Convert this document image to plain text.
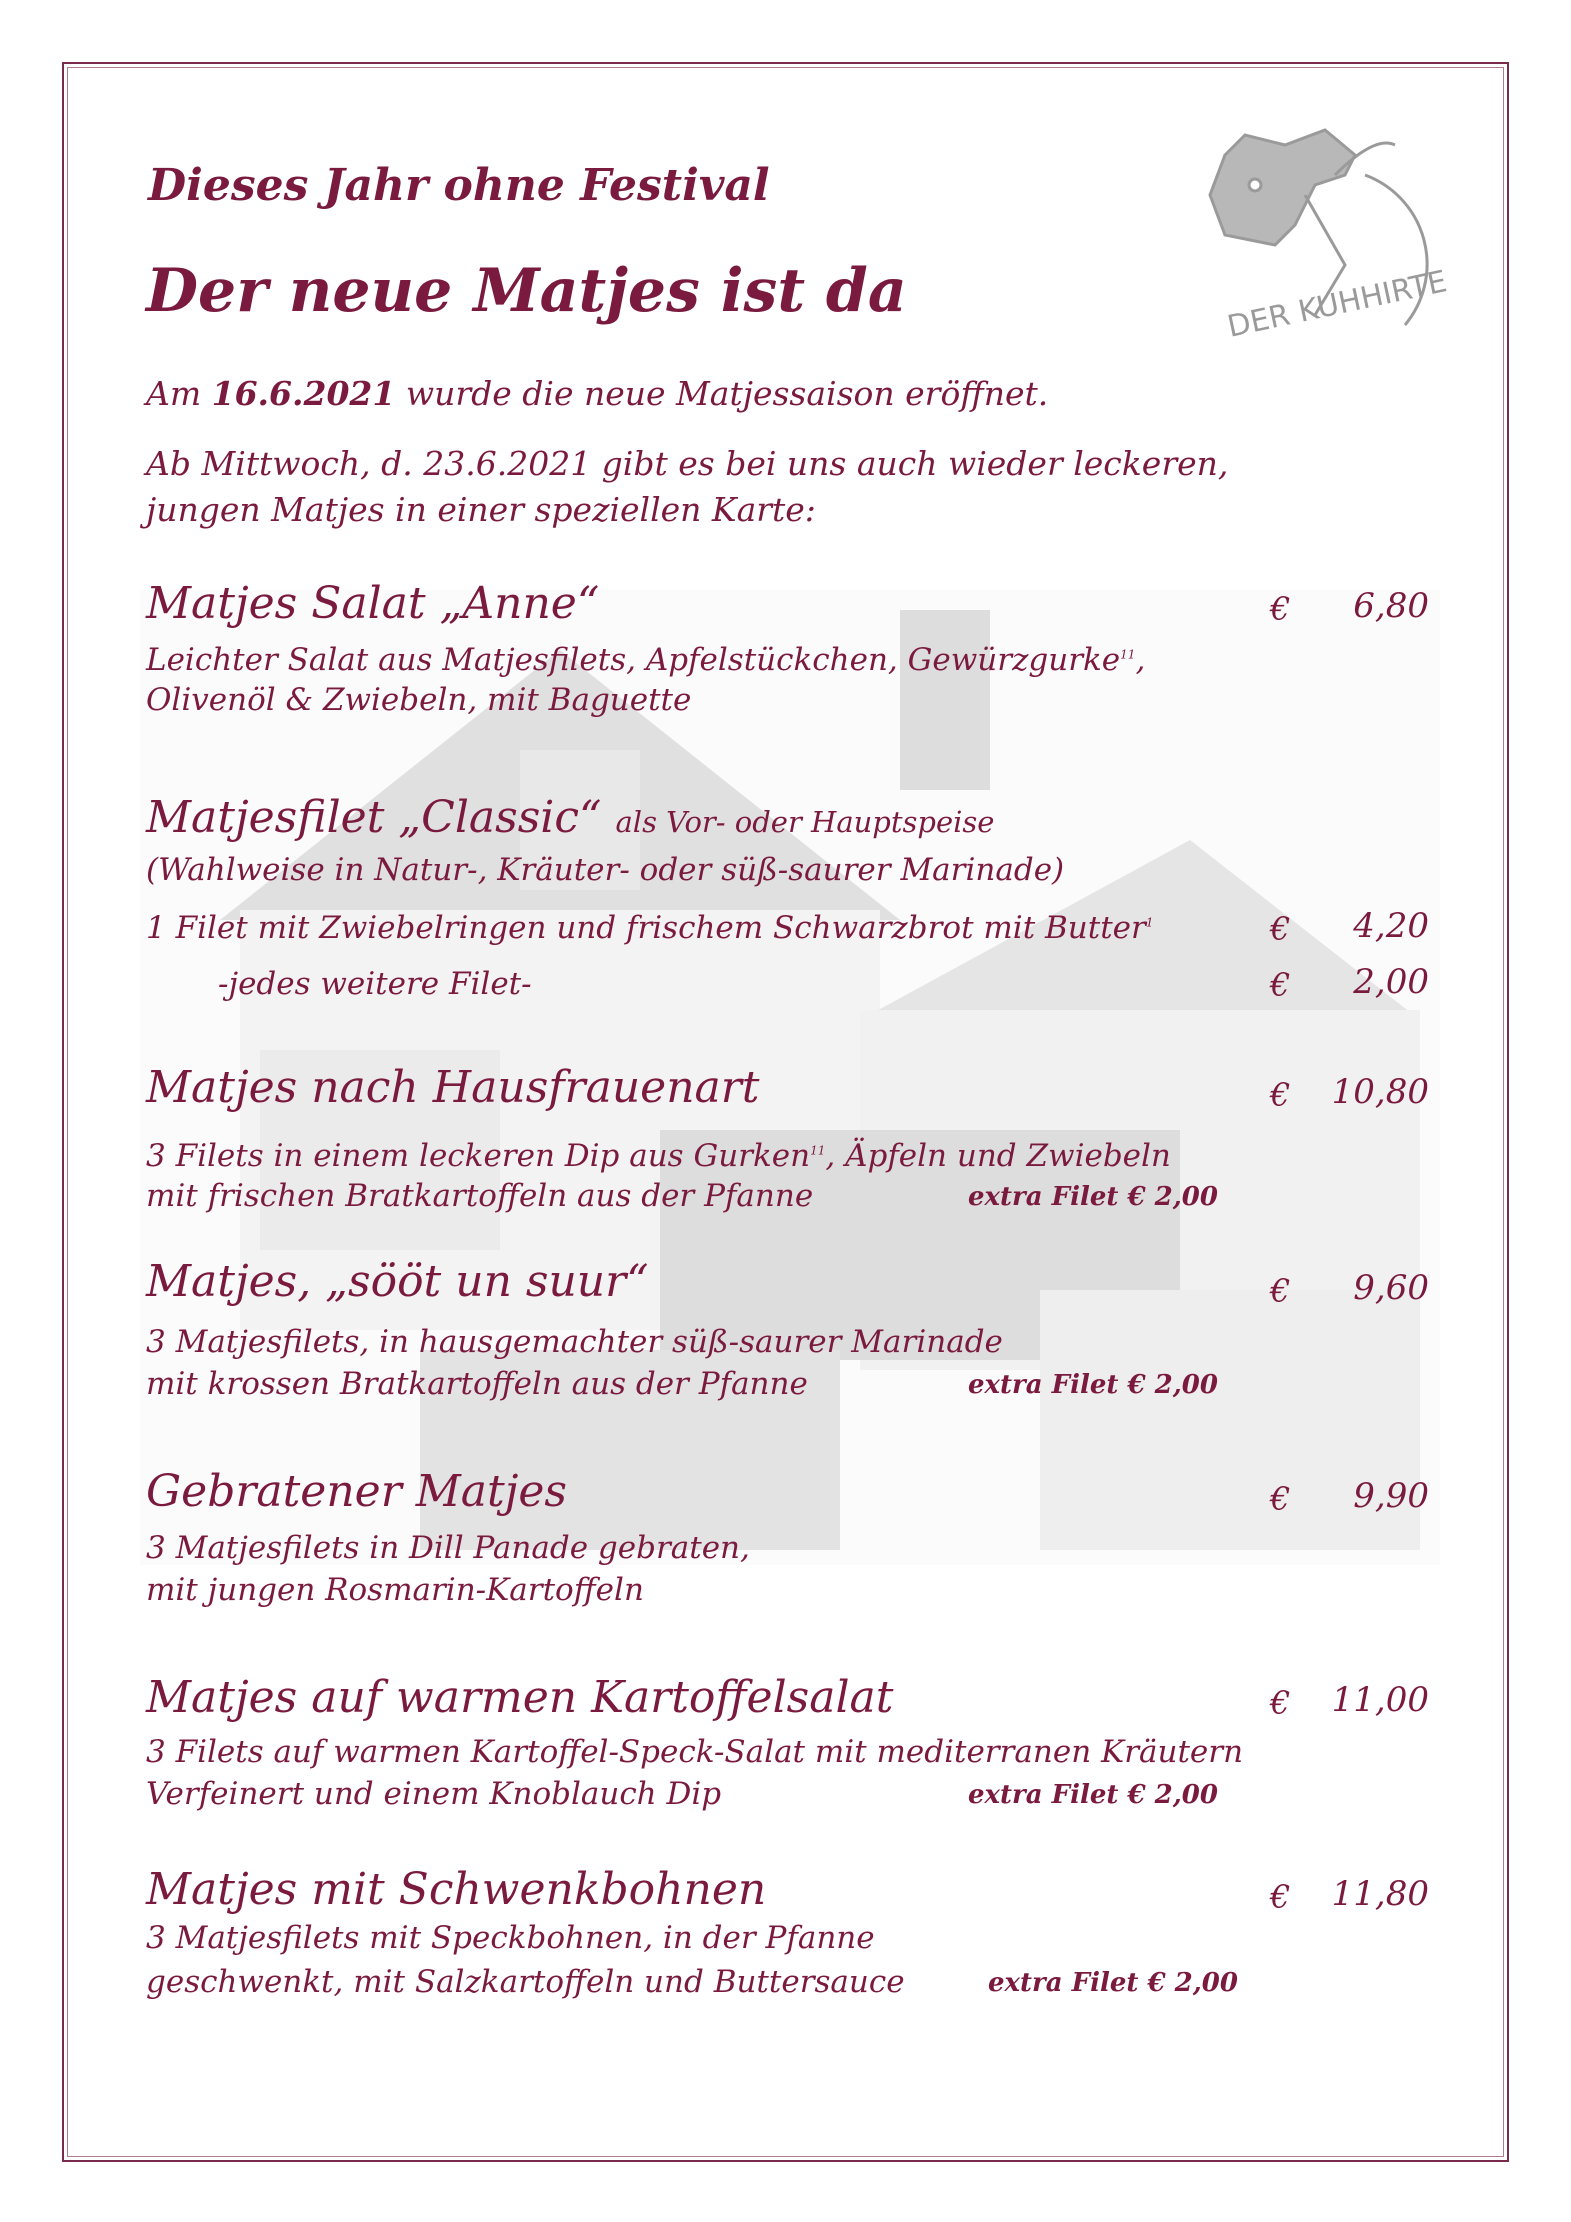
DER KUHHIRTE
Dieses Jahr ohne Festival
Der neue Matjes ist da
Am 16.6.2021 wurde die neue Matjessaison eröffnet.
Ab Mittwoch, d. 23.6.2021 gibt es bei uns auch wieder leckeren,
jungen Matjes in einer speziellen Karte:
Matjes Salat „Anne“	€ 6,80
Leichter Salat aus Matjesfilets, Apfelstückchen, Gewürzgurke$^{11}$,
Olivenöl & Zwiebeln, mit Baguette
Matjesfilet „Classic“ als Vor- oder Hauptspeise
(Wahlweise in Natur-, Kräuter- oder süß-saurer Marinade)
1 Filet mit Zwiebelringen und frischem Schwarzbrot mit Butter$^1$	€ 4,20
-jedes weitere Filet-	€ 2,00
Matjes nach Hausfrauenart	€ 10,80
3 Filets in einem leckeren Dip aus Gurken$^{11}$, Äpfeln und Zwiebeln
mit frischen Bratkartoffeln aus der Pfanne	extra Filet € 2,00
Matjes, „sööt un suur“	€ 9,60
3 Matjesfilets, in hausgemachter süß-saurer Marinade
mit krossen Bratkartoffeln aus der Pfanne	extra Filet € 2,00
Gebratener Matjes	€ 9,90
3 Matjesfilets in Dill Panade gebraten,
mit jungen Rosmarin-Kartoffeln
Matjes auf warmen Kartoffelsalat	€ 11,00
3 Filets auf warmen Kartoffel-Speck-Salat mit mediterranen Kräutern
Verfeinert und einem Knoblauch Dip	extra Filet € 2,00
Matjes mit Schwenkbohnen	€ 11,80
3 Matjesfilets mit Speckbohnen, in der Pfanne
geschwenkt, mit Salzkartoffeln und Buttersauce	extra Filet € 2,00
